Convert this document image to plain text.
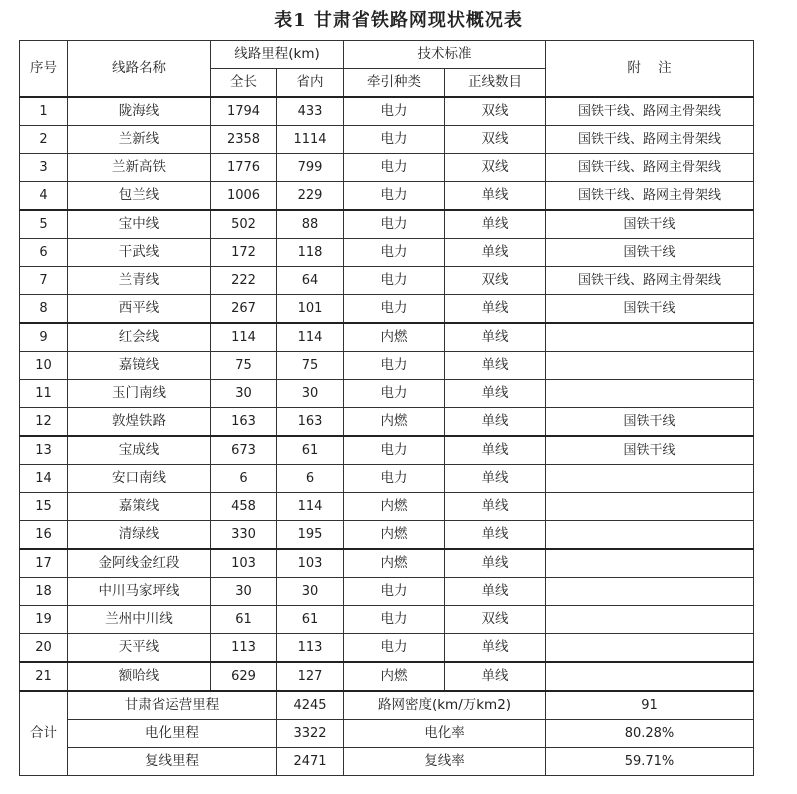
表1 甘肃省铁路网现状概况表
序号	线路名称	线路里程(km)		技术标准		附    注
		全长	省内	牵引种类	正线数目	
1	陇海线	1794	433	电力	双线	国铁干线、路网主骨架线
2	兰新线	2358	1114	电力	双线	国铁干线、路网主骨架线
3	兰新高铁	1776	799	电力	双线	国铁干线、路网主骨架线
4	包兰线	1006	229	电力	单线	国铁干线、路网主骨架线
5	宝中线	502	88	电力	单线	国铁干线
6	干武线	172	118	电力	单线	国铁干线
7	兰青线	222	64	电力	双线	国铁干线、路网主骨架线
8	西平线	267	101	电力	单线	国铁干线
9	红会线	114	114	内燃	单线	
10	嘉镜线	75	75	电力	单线	
11	玉门南线	30	30	电力	单线	
12	敦煌铁路	163	163	内燃	单线	国铁干线
13	宝成线	673	61	电力	单线	国铁干线
14	安口南线	6	6	电力	单线	
15	嘉策线	458	114	内燃	单线	
16	清绿线	330	195	内燃	单线	
17	金阿线金红段	103	103	内燃	单线	
18	中川马家坪线	30	30	电力	单线	
19	兰州中川线	61	61	电力	双线	
20	天平线	113	113	电力	单线	
21	额哈线	629	127	内燃	单线	
合计	甘肃省运营里程		4245	路网密度(km/万km2)		91
	电化里程		3322	电化率		80.28%
	复线里程		2471	复线率		59.71%
